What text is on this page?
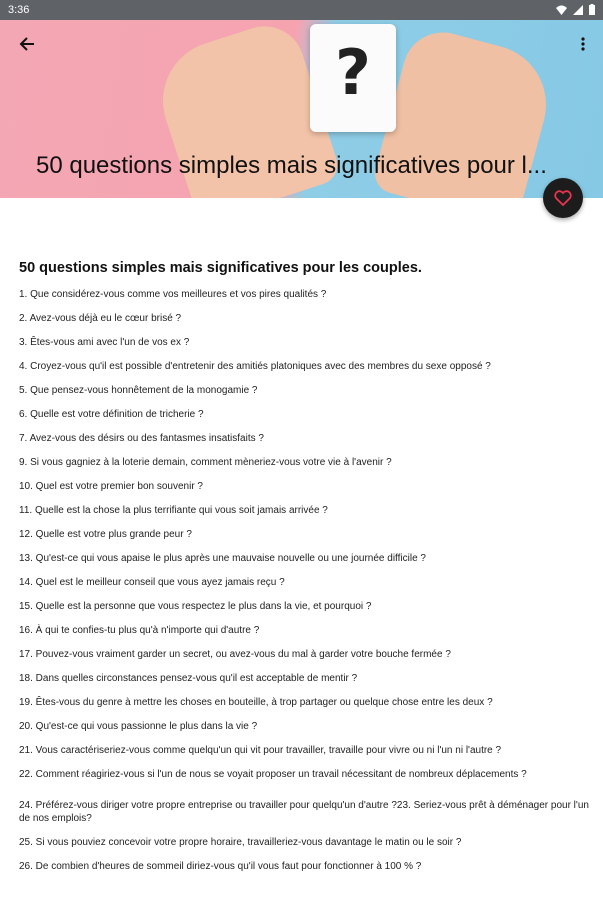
3:36
?
50 questions simples mais significatives pour l...
50 questions simples mais significatives pour les couples.
1. Que considérez-vous comme vos meilleures et vos pires qualités ?
2. Avez-vous déjà eu le cœur brisé ?
3. Êtes-vous ami avec l'un de vos ex ?
4. Croyez-vous qu'il est possible d'entretenir des amitiés platoniques avec des membres du sexe opposé ?
5. Que pensez-vous honnêtement de la monogamie ?
6. Quelle est votre définition de tricherie ?
7. Avez-vous des désirs ou des fantasmes insatisfaits ?
9. Si vous gagniez à la loterie demain, comment mèneriez-vous votre vie à l'avenir ?
10. Quel est votre premier bon souvenir ?
11. Quelle est la chose la plus terrifiante qui vous soit jamais arrivée ?
12. Quelle est votre plus grande peur ?
13. Qu'est-ce qui vous apaise le plus après une mauvaise nouvelle ou une journée difficile ?
14. Quel est le meilleur conseil que vous ayez jamais reçu ?
15. Quelle est la personne que vous respectez le plus dans la vie, et pourquoi ?
16. À qui te confies-tu plus qu'à n'importe qui d'autre ?
17. Pouvez-vous vraiment garder un secret, ou avez-vous du mal à garder votre bouche fermée ?
18. Dans quelles circonstances pensez-vous qu'il est acceptable de mentir ?
19. Êtes-vous du genre à mettre les choses en bouteille, à trop partager ou quelque chose entre les deux ?
20. Qu'est-ce qui vous passionne le plus dans la vie ?
21. Vous caractériseriez-vous comme quelqu'un qui vit pour travailler, travaille pour vivre ou ni l'un ni l'autre ?
22. Comment réagiriez-vous si l'un de nous se voyait proposer un travail nécessitant de nombreux déplacements ?
24. Préférez-vous diriger votre propre entreprise ou travailler pour quelqu'un d'autre ?23. Seriez-vous prêt à déménager pour l'un de nos emplois?
25. Si vous pouviez concevoir votre propre horaire, travailleriez-vous davantage le matin ou le soir ?
26. De combien d'heures de sommeil diriez-vous qu'il vous faut pour fonctionner à 100 % ?
